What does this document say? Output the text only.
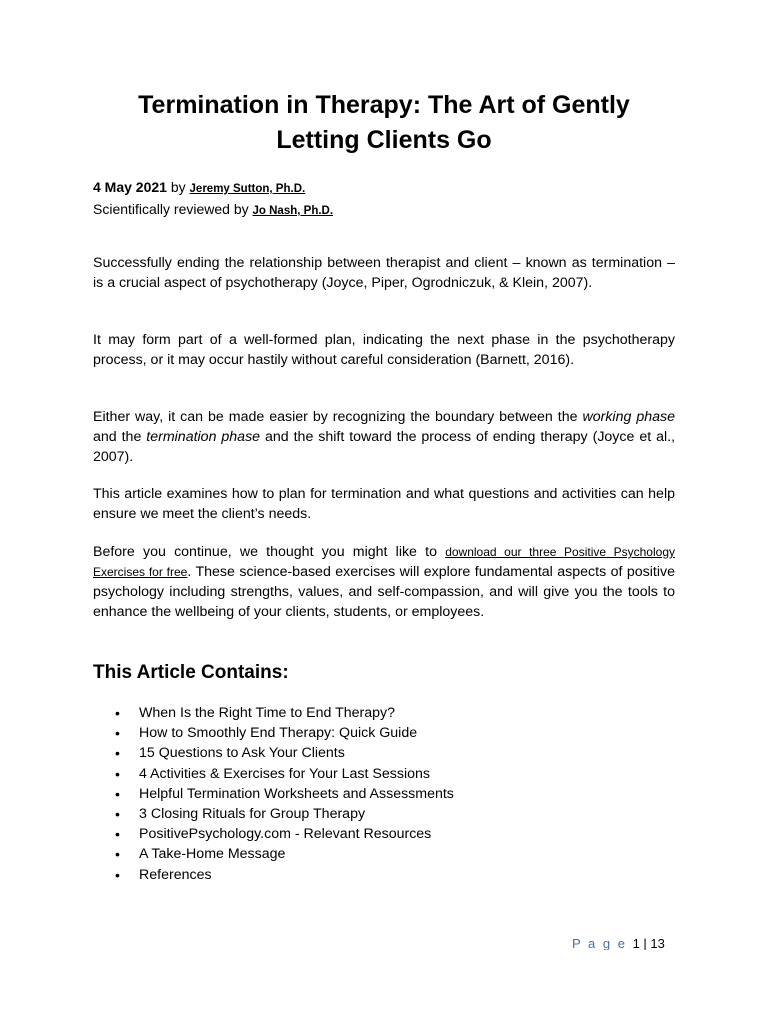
Termination in Therapy: The Art of Gently
Letting Clients Go
4 May 2021 by Jeremy Sutton, Ph.D.
Scientifically reviewed by Jo Nash, Ph.D.

Successfully ending the relationship between therapist and client – known as termination – is a crucial aspect of psychotherapy (Joyce, Piper, Ogrodniczuk, & Klein, 2007).

It may form part of a well-formed plan, indicating the next phase in the psychotherapy process, or it may occur hastily without careful consideration (Barnett, 2016).

Either way, it can be made easier by recognizing the boundary between the working phase and the termination phase and the shift toward the process of ending therapy (Joyce et al., 2007).

This article examines how to plan for termination and what questions and activities can help ensure we meet the client’s needs.

Before you continue, we thought you might like to download our three Positive Psychology Exercises for free. These science-based exercises will explore fundamental aspects of positive psychology including strengths, values, and self-compassion, and will give you the tools to enhance the wellbeing of your clients, students, or employees.

This Article Contains:
• When Is the Right Time to End Therapy?
• How to Smoothly End Therapy: Quick Guide
• 15 Questions to Ask Your Clients
• 4 Activities & Exercises for Your Last Sessions
• Helpful Termination Worksheets and Assessments
• 3 Closing Rituals for Group Therapy
• PositivePsychology.com - Relevant Resources
• A Take-Home Message
• References
P a g e 1 | 13
